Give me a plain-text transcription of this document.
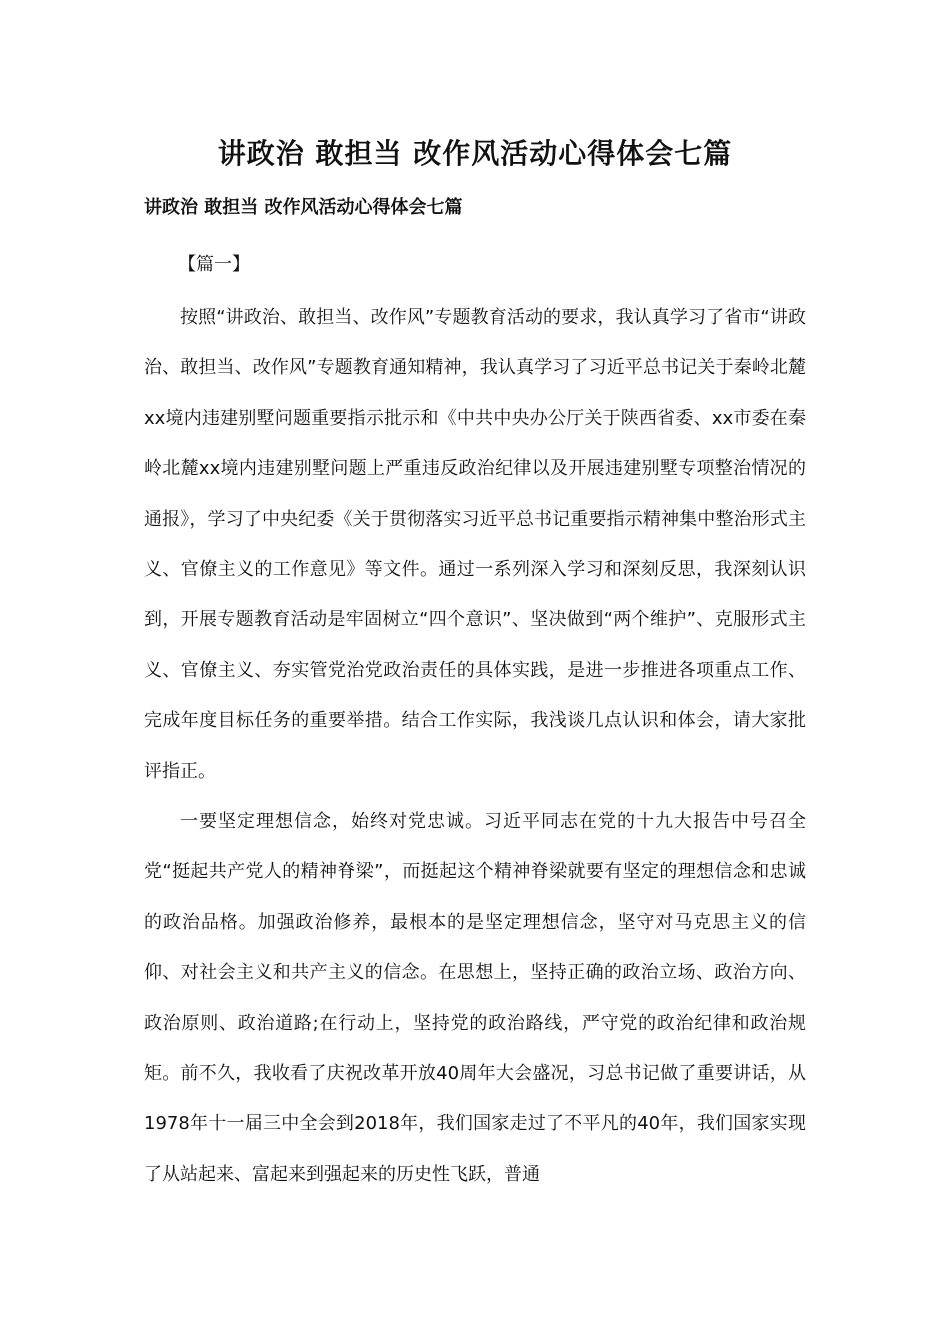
讲政治 敢担当 改作风活动心得体会七篇
讲政治 敢担当 改作风活动心得体会七篇

【篇一】

按照“讲政治、敢担当、改作风”专题教育活动的要求，我认真学习了省市“讲政治、敢担当、改作风”专题教育通知精神，我认真学习了习近平总书记关于秦岭北麓xx境内违建别墅问题重要指示批示和《中共中央办公厅关于陕西省委、xx市委在秦岭北麓xx境内违建别墅问题上严重违反政治纪律以及开展违建别墅专项整治情况的通报》，学习了中央纪委《关于贯彻落实习近平总书记重要指示精神集中整治形式主义、官僚主义的工作意见》等文件。通过一系列深入学习和深刻反思，我深刻认识到，开展专题教育活动是牢固树立“四个意识”、坚决做到“两个维护”、克服形式主义、官僚主义、夯实管党治党政治责任的具体实践，是进一步推进各项重点工作、完成年度目标任务的重要举措。结合工作实际，我浅谈几点认识和体会，请大家批评指正。

一要坚定理想信念，始终对党忠诚。习近平同志在党的十九大报告中号召全党“挺起共产党人的精神脊梁”，而挺起这个精神脊梁就要有坚定的理想信念和忠诚的政治品格。加强政治修养，最根本的是坚定理想信念，坚守对马克思主义的信仰、对社会主义和共产主义的信念。在思想上，坚持正确的政治立场、政治方向、政治原则、政治道路;在行动上，坚持党的政治路线，严守党的政治纪律和政治规矩。前不久，我收看了庆祝改革开放40周年大会盛况，习总书记做了重要讲话，从1978年十一届三中全会到2018年，我们国家走过了不平凡的40年，我们国家实现了从站起来、富起来到强起来的历史性飞跃，普通
